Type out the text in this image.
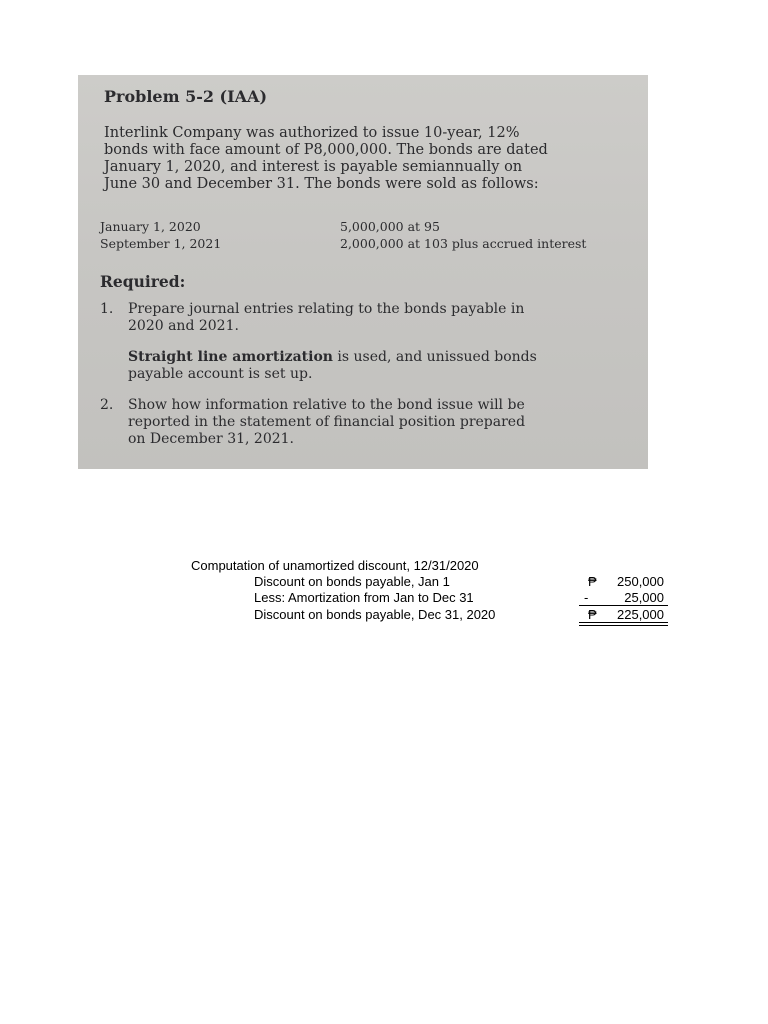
Problem 5-2 (IAA)
Interlink Company was authorized to issue 10-year, 12%
bonds with face amount of P8,000,000. The bonds are dated
January 1, 2020, and interest is payable semiannually on
June 30 and December 31. The bonds were sold as follows:
January 1, 2020	5,000,000 at 95
September 1, 2021	2,000,000 at 103 plus accrued interest
Required:
1.	Prepare journal entries relating to the bonds payable in
2020 and 2021.
Straight line amortization is used, and unissued bonds
payable account is set up.
2.	Show how information relative to the bond issue will be
reported in the statement of financial position prepared
on December 31, 2021.
Computation of unamortized discount, 12/31/2020
Discount on bonds payable, Jan 1	₱	250,000
Less: Amortization from Jan to Dec 31	-	25,000
Discount on bonds payable, Dec 31, 2020	₱	225,000
